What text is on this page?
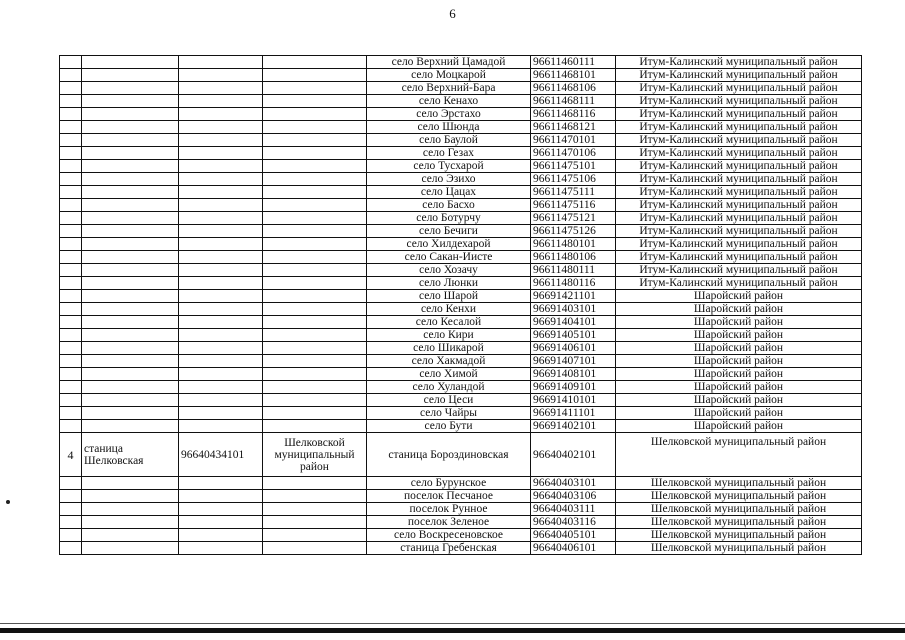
6
				село Верхний Цамадой	96611460111	Итум-Калинский муниципальный район
				село Моцкарой	96611468101	Итум-Калинский муниципальный район
				село Верхний-Бара	96611468106	Итум-Калинский муниципальный район
				село Кенахо	96611468111	Итум-Калинский муниципальный район
				село Эрстахо	96611468116	Итум-Калинский муниципальный район
				село Шюнда	96611468121	Итум-Калинский муниципальный район
				село Баулой	96611470101	Итум-Калинский муниципальный район
				село Гезах	96611470106	Итум-Калинский муниципальный район
				село Тусхарой	96611475101	Итум-Калинский муниципальный район
				село Эзихо	96611475106	Итум-Калинский муниципальный район
				село Цацах	96611475111	Итум-Калинский муниципальный район
				село Басхо	96611475116	Итум-Калинский муниципальный район
				село Ботурчу	96611475121	Итум-Калинский муниципальный район
				село Бечиги	96611475126	Итум-Калинский муниципальный район
				село Хилдехарой	96611480101	Итум-Калинский муниципальный район
				село Сакан-Иисте	96611480106	Итум-Калинский муниципальный район
				село Хозачу	96611480111	Итум-Калинский муниципальный район
				село Люнки	96611480116	Итум-Калинский муниципальный район
				село Шарой	96691421101	Шаройский район
				село Кенхи	96691403101	Шаройский район
				село Кесалой	96691404101	Шаройский район
				село Кири	96691405101	Шаройский район
				село Шикарой	96691406101	Шаройский район
				село Хакмадой	96691407101	Шаройский район
				село Химой	96691408101	Шаройский район
				село Хуландой	96691409101	Шаройский район
				село Цеси	96691410101	Шаройский район
				село Чайры	96691411101	Шаройский район
				село Бути	96691402101	Шаройский район
4	станица Шелковская	96640434101	Шелковской муниципальный район	станица Бороздиновская	96640402101	Шелковской муниципальный район
				село Бурунское	96640403101	Шелковской муниципальный район
				поселок Песчаное	96640403106	Шелковской муниципальный район
				поселок Рунное	96640403111	Шелковской муниципальный район
				поселок Зеленое	96640403116	Шелковской муниципальный район
				село Воскресеновское	96640405101	Шелковской муниципальный район
				станица Гребенская	96640406101	Шелковской муниципальный район
